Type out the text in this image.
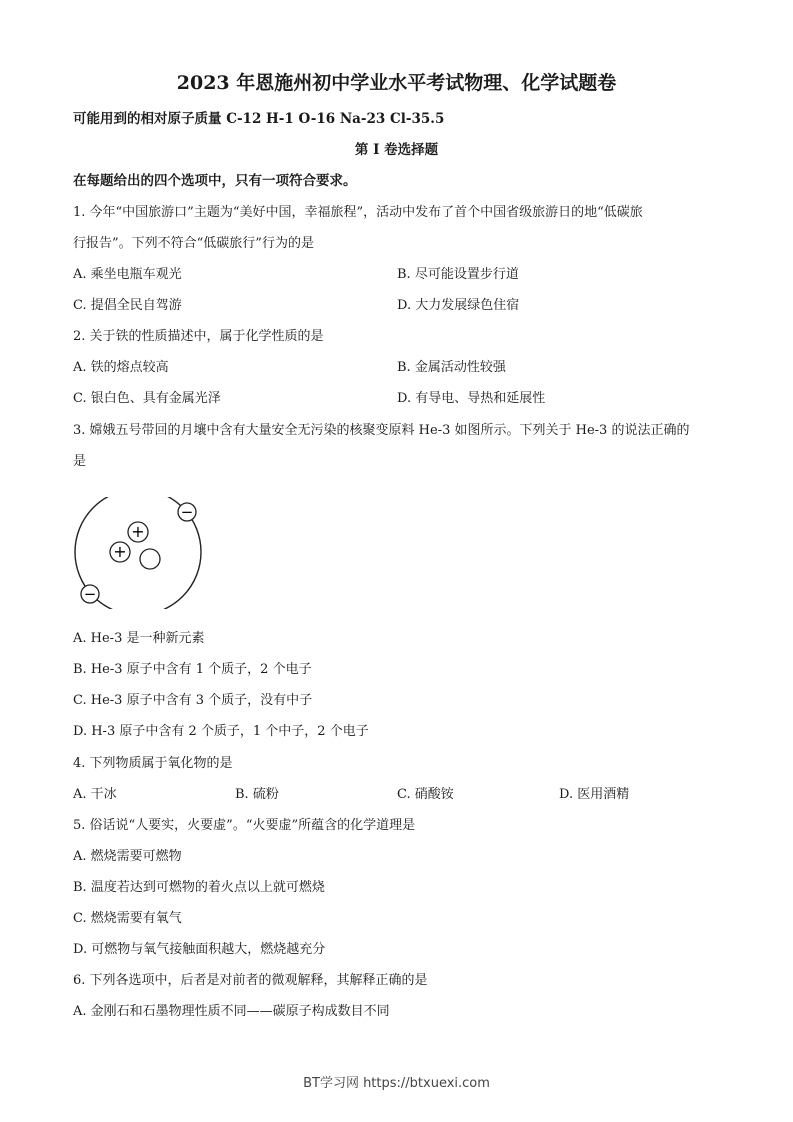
2023 年恩施州初中学业水平考试物理、化学试题卷
可能用到的相对原子质量 C-12 H-1 O-16 Na-23 Cl-35.5
第 I 卷选择题
在每题给出的四个选项中，只有一项符合要求。
1. 今年“中国旅游口”主题为“美好中国，幸福旅程”，活动中发布了首个中国省级旅游日的地“低碳旅
行报告”。下列不符合“低碳旅行”行为的是
A. 乘坐电瓶车观光	B. 尽可能设置步行道
C. 提倡全民自驾游	D. 大力发展绿色住宿
2. 关于铁的性质描述中，属于化学性质的是
A. 铁的熔点较高	B. 金属活动性较强
C. 银白色、具有金属光泽	D. 有导电、导热和延展性
3. 嫦娥五号带回的月壤中含有大量安全无污染的核聚变原料 He-3 如图所示。下列关于 He-3 的说法正确的
是
+
+
−
−
A. He-3 是一种新元素
B. He-3 原子中含有 1 个质子，2 个电子
C. He-3 原子中含有 3 个质子，没有中子
D. H-3 原子中含有 2 个质子，1 个中子，2 个电子
4. 下列物质属于氧化物的是
A. 干冰	B. 硫粉	C. 硝酸铵	D. 医用酒精
5. 俗话说“人要实，火要虚”。“火要虚”所蕴含的化学道理是
A. 燃烧需要可燃物
B. 温度若达到可燃物的着火点以上就可燃烧
C. 燃烧需要有氧气
D. 可燃物与氧气接触面积越大，燃烧越充分
6. 下列各选项中，后者是对前者的微观解释，其解释正确的是
A. 金刚石和石墨物理性质不同——碳原子构成数目不同
BT学习网 https://btxuexi.com
